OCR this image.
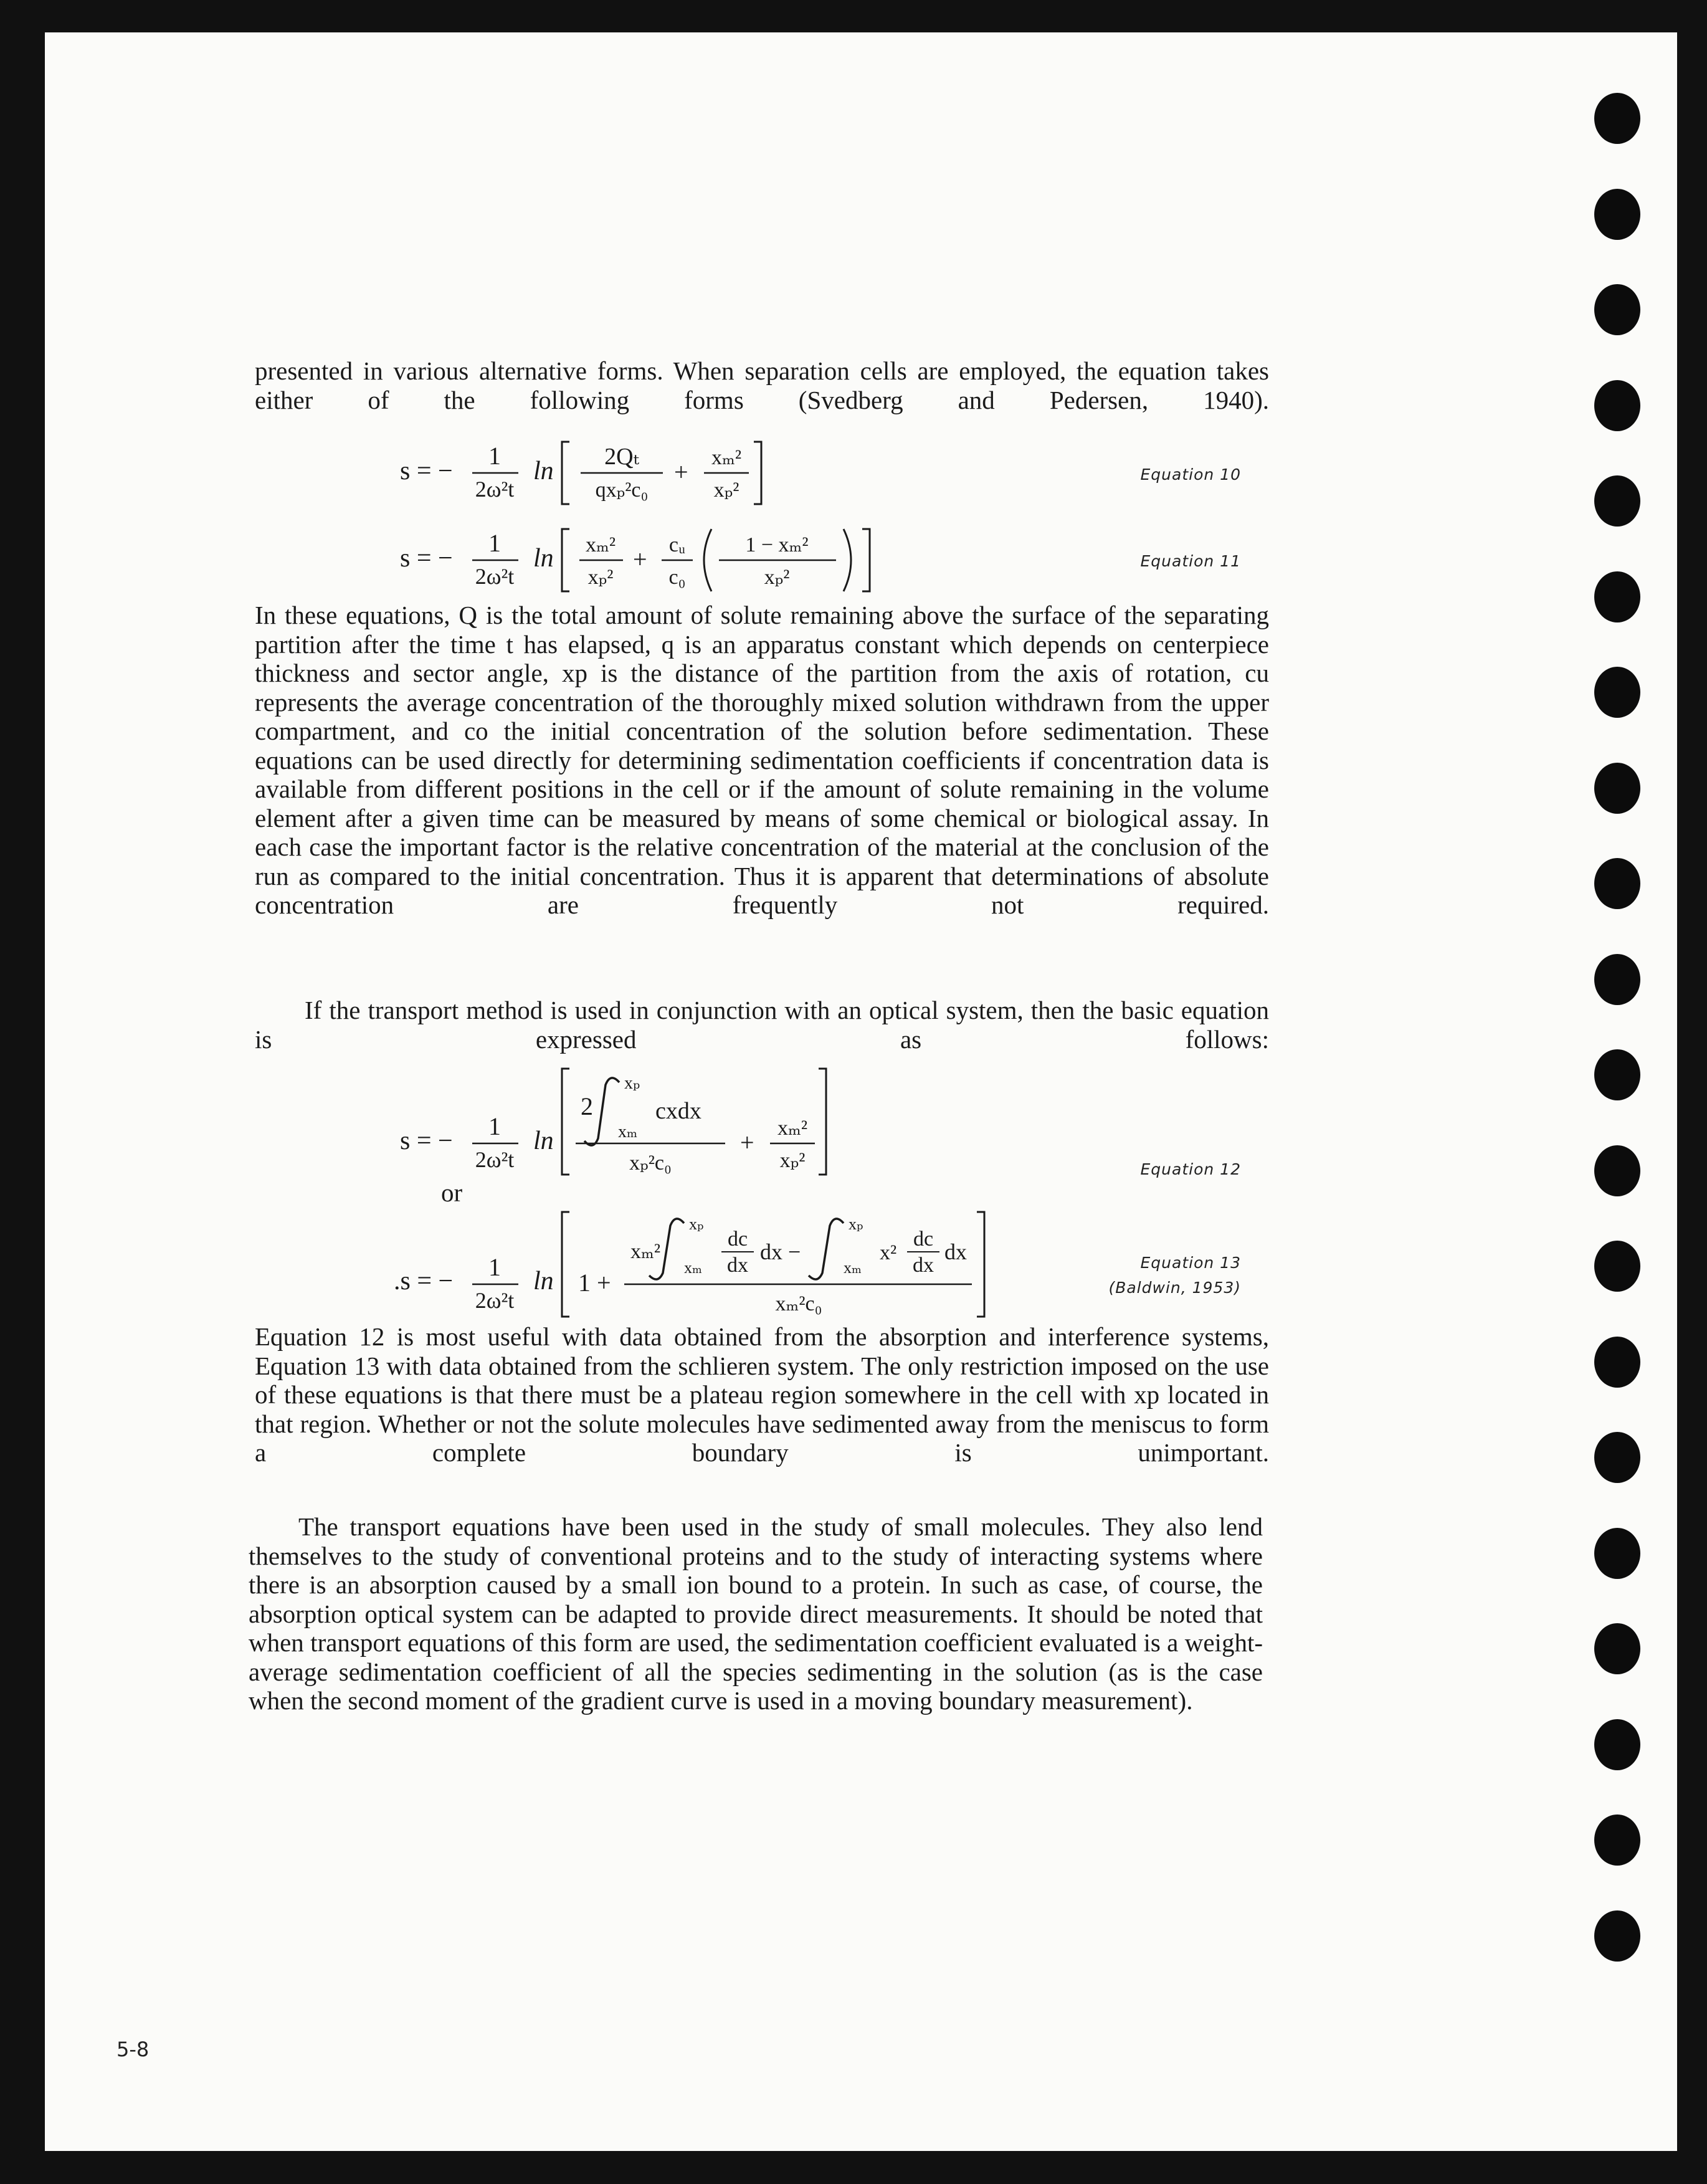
presented in various alternative forms. When separation cells are employed, the equation takes either of the following forms (Svedberg and Pedersen, 1940).

s = −
1
2ω²t
ln 2Qₜ
qxₚ²c₀
+
xₘ²
xₚ²
Equation 10
s = −
1
2ω²t
ln xₘ²
xₚ²
+
cᵤ
c₀
1 − xₘ²
xₚ²
Equation 11

In these equations, Q is the total amount of solute remaining above the surface of the separating partition after the time t has elapsed, q is an apparatus constant which depends on centerpiece thickness and sector angle, xp is the distance of the partition from the axis of rotation, cu represents the average concentration of the thoroughly mixed solution withdrawn from the upper compartment, and co the initial concentration of the solution before sedimentation. These equations can be used directly for determining sedimentation coefficients if concentration data is available from different positions in the cell or if the amount of solute remaining in the volume element after a given time can be measured by means of some chemical or biological assay. In each case the important factor is the relative concentration of the material at the conclusion of the run as compared to the initial concentration. Thus it is apparent that determinations of absolute concentration are frequently not required.

If the transport method is used in conjunction with an optical system, then the basic equation is expressed as follows:

s = −
1
2ω²t
ln
2
xₚ
xₘ
cxdx
xₚ²c₀
+
xₘ²
xₚ²	Equation 12
or
.s = − 1
2ω²t
ln 1 +
xₘ²
xₚ
xₘ
dc
dx
dx −
xₚ
xₘ
x²
dc
dx
dx
xₘ²c₀
Equation 13
(Baldwin, 1953)

Equation 12 is most useful with data obtained from the absorption and interference systems, Equation 13 with data obtained from the schlieren system. The only restriction imposed on the use of these equations is that there must be a plateau region somewhere in the cell with xp located in that region. Whether or not the solute molecules have sedimented away from the meniscus to form a complete boundary is unimportant.

The transport equations have been used in the study of small molecules. They also lend themselves to the study of conventional proteins and to the study of interacting systems where there is an absorption caused by a small ion bound to a protein. In such as case, of course, the absorption optical system can be adapted to provide direct measurements. It should be noted that when transport equations of this form are used, the sedimentation coefficient evaluated is a weight-average sedimentation coefficient of all the species sedimenting in the solution (as is the case when the second moment of the gradient curve is used in a moving boundary measurement).

5-8
